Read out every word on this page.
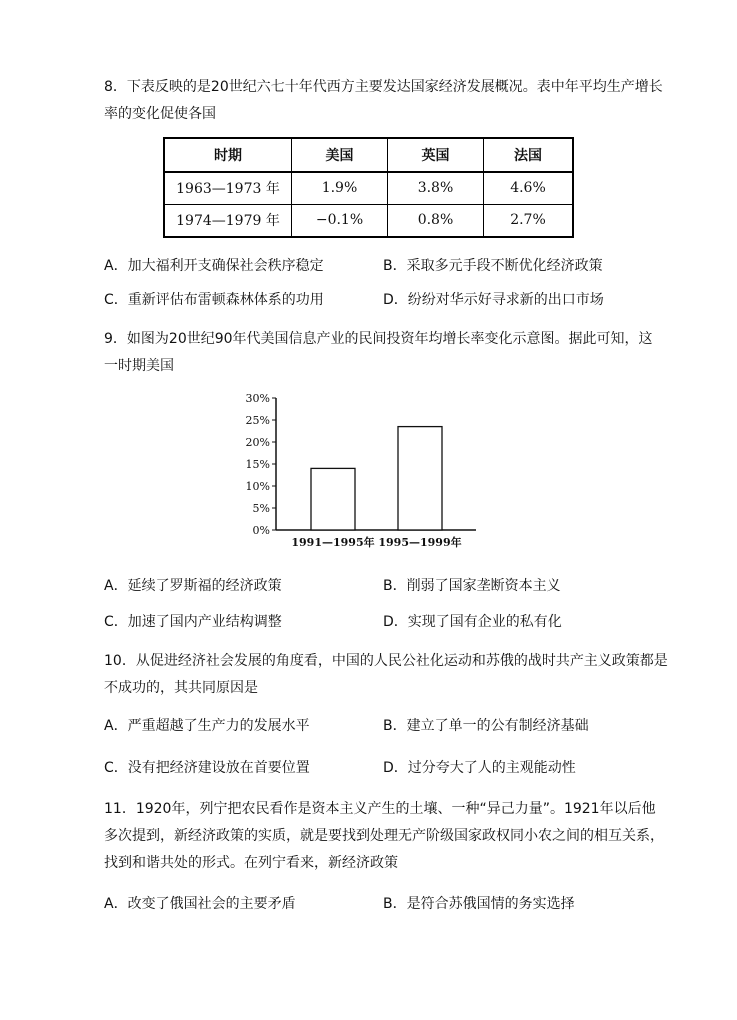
8．下表反映的是20世纪六七十年代西方主要发达国家经济发展概况。表中年平均生产增长率的变化促使各国
时期	美国	英国	法国
1963—1973 年	1.9%	3.8%	4.6%
1974—1979 年	−0.1%	0.8%	2.7%
A．加大福利开支确保社会秩序稳定	B．采取多元手段不断优化经济政策
C．重新评估布雷顿森林体系的功用	D．纷纷对华示好寻求新的出口市场
9．如图为20世纪90年代美国信息产业的民间投资年均增长率变化示意图。据此可知，这一时期美国
0%
5%
10%
15%
20%
25%
30%
1991—1995年 1995—1999年
A．延续了罗斯福的经济政策	B．削弱了国家垄断资本主义
C．加速了国内产业结构调整	D．实现了国有企业的私有化
10．从促进经济社会发展的角度看，中国的人民公社化运动和苏俄的战时共产主义政策都是不成功的，其共同原因是
A．严重超越了生产力的发展水平	B．建立了单一的公有制经济基础
C．没有把经济建设放在首要位置	D．过分夸大了人的主观能动性
11．1920年，列宁把农民看作是资本主义产生的土壤、一种“异己力量”。1921年以后他多次提到，新经济政策的实质，就是要找到处理无产阶级国家政权同小农之间的相互关系，找到和谐共处的形式。在列宁看来，新经济政策
A．改变了俄国社会的主要矛盾	B．是符合苏俄国情的务实选择
